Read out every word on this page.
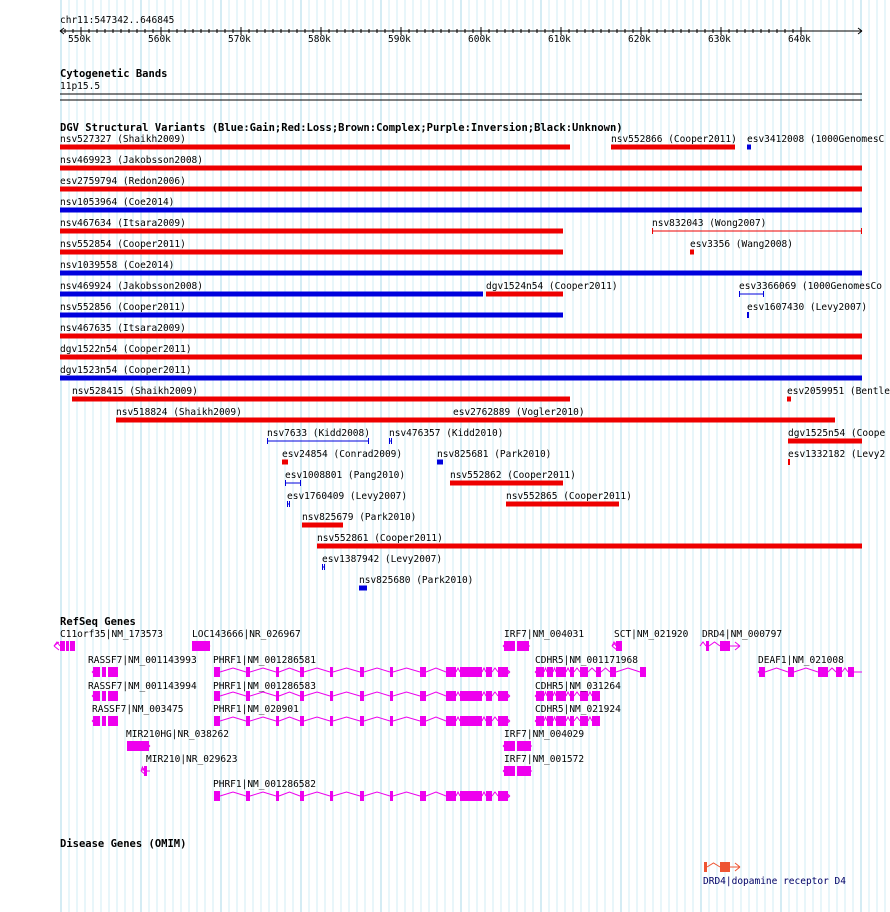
chr11:547342..646845
550k	560k	570k	580k	590k	600k	610k	620k	630k	640k
Cytogenetic Bands
11p15.5
DGV Structural Variants (Blue:Gain;Red:Loss;Brown:Complex;Purple:Inversion;Black:Unknown)
nsv527327 (Shaikh2009)	nsv552866 (Cooper2011) esv3412008 (1000GenomesC
nsv469923 (Jakobsson2008)
esv2759794 (Redon2006)
nsv1053964 (Coe2014)
nsv467634 (Itsara2009)	nsv832043 (Wong2007)
nsv552854 (Cooper2011)	esv3356 (Wang2008)
nsv1039558 (Coe2014)
nsv469924 (Jakobsson2008)	dgv1524n54 (Cooper2011)	esv3366069 (1000GenomesCo
nsv552856 (Cooper2011)	esv1607430 (Levy2007)
nsv467635 (Itsara2009)
dgv1522n54 (Cooper2011)
dgv1523n54 (Cooper2011)
nsv528415 (Shaikh2009)	esv2059951 (Bentle
nsv518824 (Shaikh2009)	esv2762889 (Vogler2010)
nsv7633 (Kidd2008) nsv476357 (Kidd2010)	dgv1525n54 (Coope
esv24854 (Conrad2009)	nsv825681 (Park2010)	esv1332182 (Levy2
esv1008801 (Pang2010)	nsv552862 (Cooper2011)
esv1760409 (Levy2007)	nsv552865 (Cooper2011)
nsv825679 (Park2010)
nsv552861 (Cooper2011)
esv1387942 (Levy2007)
nsv825680 (Park2010)
RefSeq Genes
C11orf35|NM_173573	LOC143666|NR_026967	IRF7|NM_004031	SCT|NM_021920 DRD4|NM_000797
RASSF7|NM_001143993 PHRF1|NM_001286581	CDHR5|NM_001171968	DEAF1|NM_021008
RASSF7|NM_001143994 PHRF1|NM_001286583	CDHR5|NM_031264
RASSF7|NM_003475	PHRF1|NM_020901	CDHR5|NM_021924
MIR210HG|NR_038262	IRF7|NM_004029
MIR210|NR_029623	IRF7|NM_001572
PHRF1|NM_001286582
Disease Genes (OMIM)
DRD4|dopamine receptor D4
